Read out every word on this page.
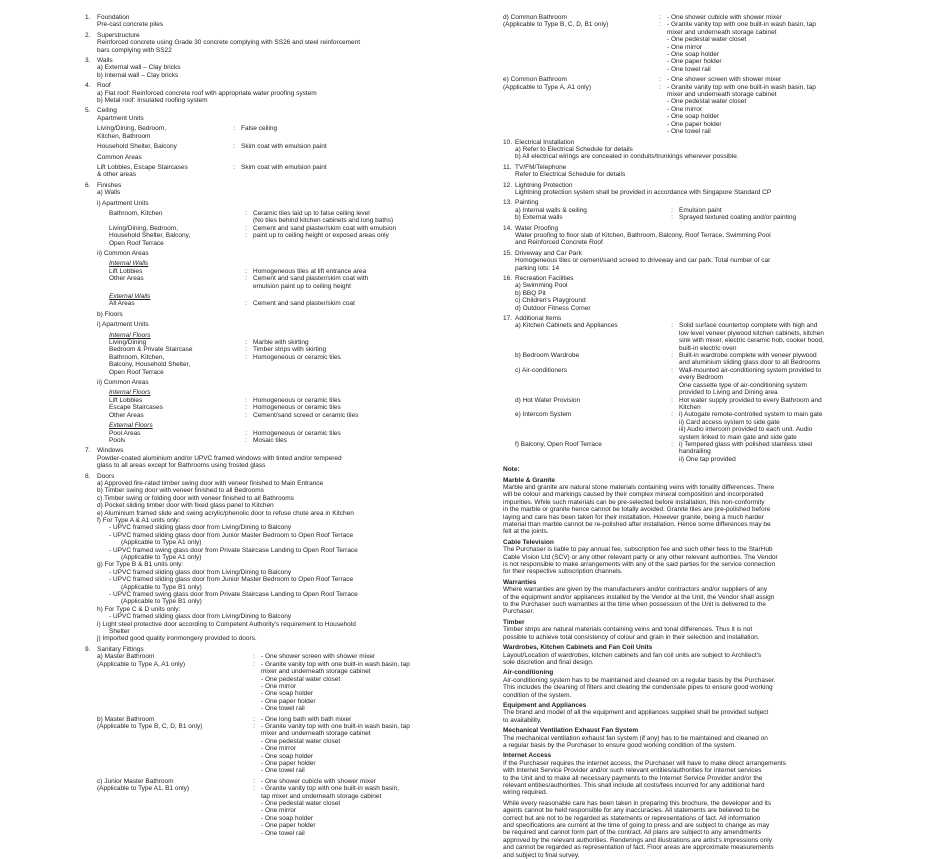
1. Foundation
Pre-cast concrete piles
2. Superstructure
Reinforced concrete using Grade 30 concrete complying with SS26 and steel reinforcement
bars complying with SS22
3. Walls
a) External wall – Clay bricks
b) Internal wall – Clay bricks
4. Roof
a) Flat roof: Reinforced concrete roof with appropriate water proofing system
b) Metal roof: Insulated roofing system
5. Ceiling
Apartment Units
Living/Dining, Bedroom,	: False ceiling
Kitchen, Bathroom
Household Shelter, Balcony	: Skim coat with emulsion paint
Common Areas
Lift Lobbies, Escape Staircases	: Skim coat with emulsion paint
& other areas
6. Finishes
a) Walls
i) Apartment Units
Bathroom, Kitchen	: Ceramic tiles laid up to false ceiling level
(No tiles behind kitchen cabinets and long baths)
Living/Dining, Bedroom,	: Cement and sand plaster/skim coat with emulsion
Household Shelter, Balcony,	: paint up to ceiling height or exposed areas only
Open Roof Terrace
ii) Common Areas
Internal Walls
Lift Lobbies	: Homogeneous tiles at lift entrance area
Other Areas	: Cement and sand plaster/skim coat with
emulsion paint up to ceiling height
External Walls
All Areas	: Cement and sand plaster/skim coat
b) Floors
i) Apartment Units
Internal Floors
Living/Dining	: Marble with skirting
Bedroom & Private Staircase	: Timber strips with skirting
Bathroom, Kitchen,	: Homogeneous or ceramic tiles
Balcony, Household Shelter,
Open Roof Terrace
ii) Common Areas
Internal Floors
Lift Lobbies	: Homogeneous or ceramic tiles
Escape Staircases	: Homogeneous or ceramic tiles
Other Areas	: Cement/sand screed or ceramic tiles
External Floors
Pool Areas	: Homogeneous or ceramic tiles
Pools	: Mosaic tiles
7. Windows
Powder-coated aluminium and/or UPVC framed windows with tinted and/or tempered
glass to all areas except for Bathrooms using frosted glass
8. Doors
a) Approved fire-rated timber swing door with veneer finished to Main Entrance
b) Timber swing door with veneer finished to all Bedrooms
c) Timber swing or folding door with veneer finished to all Bathrooms
d) Pocket sliding timber door with fixed glass panel to Kitchen
e) Aluminium framed slide and swing acrylic/phenolic door to refuse chute area in Kitchen
f) For Type A & A1 units only:
- UPVC framed sliding glass door from Living/Dining to Balcony
- UPVC framed sliding glass door from Junior Master Bedroom to Open Roof Terrace
(Applicable to Type A1 only)
- UPVC framed swing glass door from Private Staircase Landing to Open Roof Terrace
(Applicable to Type A1 only)
g) For Type B & B1 units only:
- UPVC framed sliding glass door from Living/Dining to Balcony
- UPVC framed sliding glass door from Junior Master Bedroom to Open Roof Terrace
(Applicable to Type B1 only)
- UPVC framed swing glass door from Private Staircase Landing to Open Roof Terrace
(Applicable to Type B1 only)
h) For Type C & D units only:
- UPVC framed sliding glass door from Living/Dining to Balcony
i) Light steel protective door according to Competent Authority's requirement to Household
Shelter
j) Imported good quality ironmongery provided to doors.
9. Sanitary Fittings
a) Master Bathroom	: - One shower screen with shower mixer
(Applicable to Type A, A1 only)	: - Granite vanity top with one built-in wash basin, tap
mixer and underneath storage cabinet
- One pedestal water closet
- One mirror
- One soap holder
- One paper holder
- One towel rail
b) Master Bathroom	: - One long bath with bath mixer
(Applicable to Type B, C, D, B1 only)	: - Granite vanity top with one built-in wash basin, tap
mixer and underneath storage cabinet
- One pedestal water closet
- One mirror
- One soap holder
- One paper holder
- One towel rail
c) Junior Master Bathroom	: - One shower cubicle with shower mixer
(Applicable to Type A1, B1 only)	: - Granite vanity top with one built-in wash basin,
tap mixer and underneath storage cabinet
- One pedestal water closet
- One mirror
- One soap holder
- One paper holder
- One towel rail
d) Common Bathroom	: - One shower cubicle with shower mixer
(Applicable to Type B, C, D, B1 only)	: - Granite vanity top with one built-in wash basin, tap
mixer and underneath storage cabinet
- One pedestal water closet
- One mirror
- One soap holder
- One paper holder
- One towel rail
e) Common Bathroom	: - One shower screen with shower mixer
(Applicable to Type A, A1 only)	: - Granite vanity top with one built-in wash basin, tap
mixer and underneath storage cabinet
- One pedestal water closet
- One mirror
- One soap holder
- One paper holder
- One towel rail
10. Electrical Installation
a) Refer to Electrical Schedule for details
b) All electrical wirings are concealed in conduits/trunkings wherever possible.
11. TV/FM/Telephone
Refer to Electrical Schedule for details
12. Lightning Protection
Lightning protection system shall be provided in accordance with Singapore Standard CP
13. Painting
a) Internal walls & ceiling	: Emulsion paint
b) External walls	: Sprayed textured coating and/or painting
14. Water Proofing
Water proofing to floor slab of Kitchen, Bathroom, Balcony, Roof Terrace, Swimming Pool
and Reinforced Concrete Roof
15. Driveway and Car Park
Homogeneous tiles or cement/sand screed to driveway and car park. Total number of car
parking lots: 14
16. Recreation Facilities
a) Swimming Pool
b) BBQ Pit
c) Children's Playground
d) Outdoor Fitness Corner
17. Additional Items
a) Kitchen Cabinets and Appliances	: Solid surface countertop complete with high and
low level veneer plywood kitchen cabinets, kitchen
sink with mixer, electric ceramic hob, cooker hood,
built-in electric oven
b) Bedroom Wardrobe	: Built-in wardrobe complete with veneer plywood
and aluminium sliding glass door to all Bedrooms
c) Air-conditioners	: Wall-mounted air-conditioning system provided to
every Bedroom
One cassette type of air-conditioning system
provided to Living and Dining area
d) Hot Water Provision	: Hot water supply provided to every Bathroom and
Kitchen
e) Intercom System	: i) Autogate remote-controlled system to main gate
ii) Card access system to side gate
iii) Audio intercom provided to each unit. Audio
system linked to main gate and side gate
f) Balcony, Open Roof Terrace	: i) Tempered glass with polished stainless steel
handrailing
ii) One tap provided
Note:
Marble & Granite
Marble and granite are natural stone materials containing veins with tonality differences. There
will be colour and markings caused by their complex mineral composition and incorporated
impurities. While such materials can be pre-selected before installation, this non-conformity
in the marble or granite hence cannot be totally avoided. Granite tiles are pre-polished before
laying and care has been taken for their installation. However granite, being a much harder
material than marble cannot be re-polished after installation. Hence some differences may be
felt at the joints.
Cable Television
The Purchaser is liable to pay annual fee, subscription fee and such other fees to the StarHub
Cable Vision Ltd (SCV) or any other relevant party or any other relevant authorities. The Vendor
is not responsible to make arrangements with any of the said parties for the service connection
for their respective subscription channels.
Warranties
Where warranties are given by the manufacturers and/or contractors and/or suppliers of any
of the equipment and/or appliances installed by the Vendor at the Unit, the Vendor shall assign
to the Purchaser such warranties at the time when possession of the Unit is delivered to the
Purchaser.
Timber
Timber strips are natural materials containing veins and tonal differences. Thus it is not
possible to achieve total consistency of colour and grain in their selection and installation.
Wardrobes, Kitchen Cabinets and Fan Coil Units
Layout/Location of wardrobes, kitchen cabinets and fan coil units are subject to Architect's
sole discretion and final design.
Air-conditioning
Air-conditioning system has to be maintained and cleaned on a regular basis by the Purchaser.
This includes the cleaning of filters and clearing the condensate pipes to ensure good working
condition of the system.
Equipment and Appliances
The brand and model of all the equipment and appliances supplied shall be provided subject
to availability.
Mechanical Ventilation Exhaust Fan System
The mechanical ventilation exhaust fan system (if any) has to be maintained and cleaned on
a regular basis by the Purchaser to ensure good working condition of the system.
Internet Access
If the Purchaser requires the internet access, the Purchaser will have to make direct arrangements
with Internet Service Provider and/or such relevant entities/authorities for internet services
to the Unit and to make all necessary payments to the Internet Service Provider and/or the
relevant entities/authorities. This shall include all costs/fees incurred for any additional hard
wiring required.
While every reasonable care has been taken in preparing this brochure, the developer and its
agents cannot be held responsible for any inaccuracies. All statements are believed to be
correct but are not to be regarded as statements or representations of fact. All information
and specifications are current at the time of going to press and are subject to change as may
be required and cannot form part of the contract. All plans are subject to any amendments
approved by the relevant authorities. Renderings and illustrations are artist's impressions only
and cannot be regarded as representation of fact. Floor areas are approximate measurements
and subject to final survey.
